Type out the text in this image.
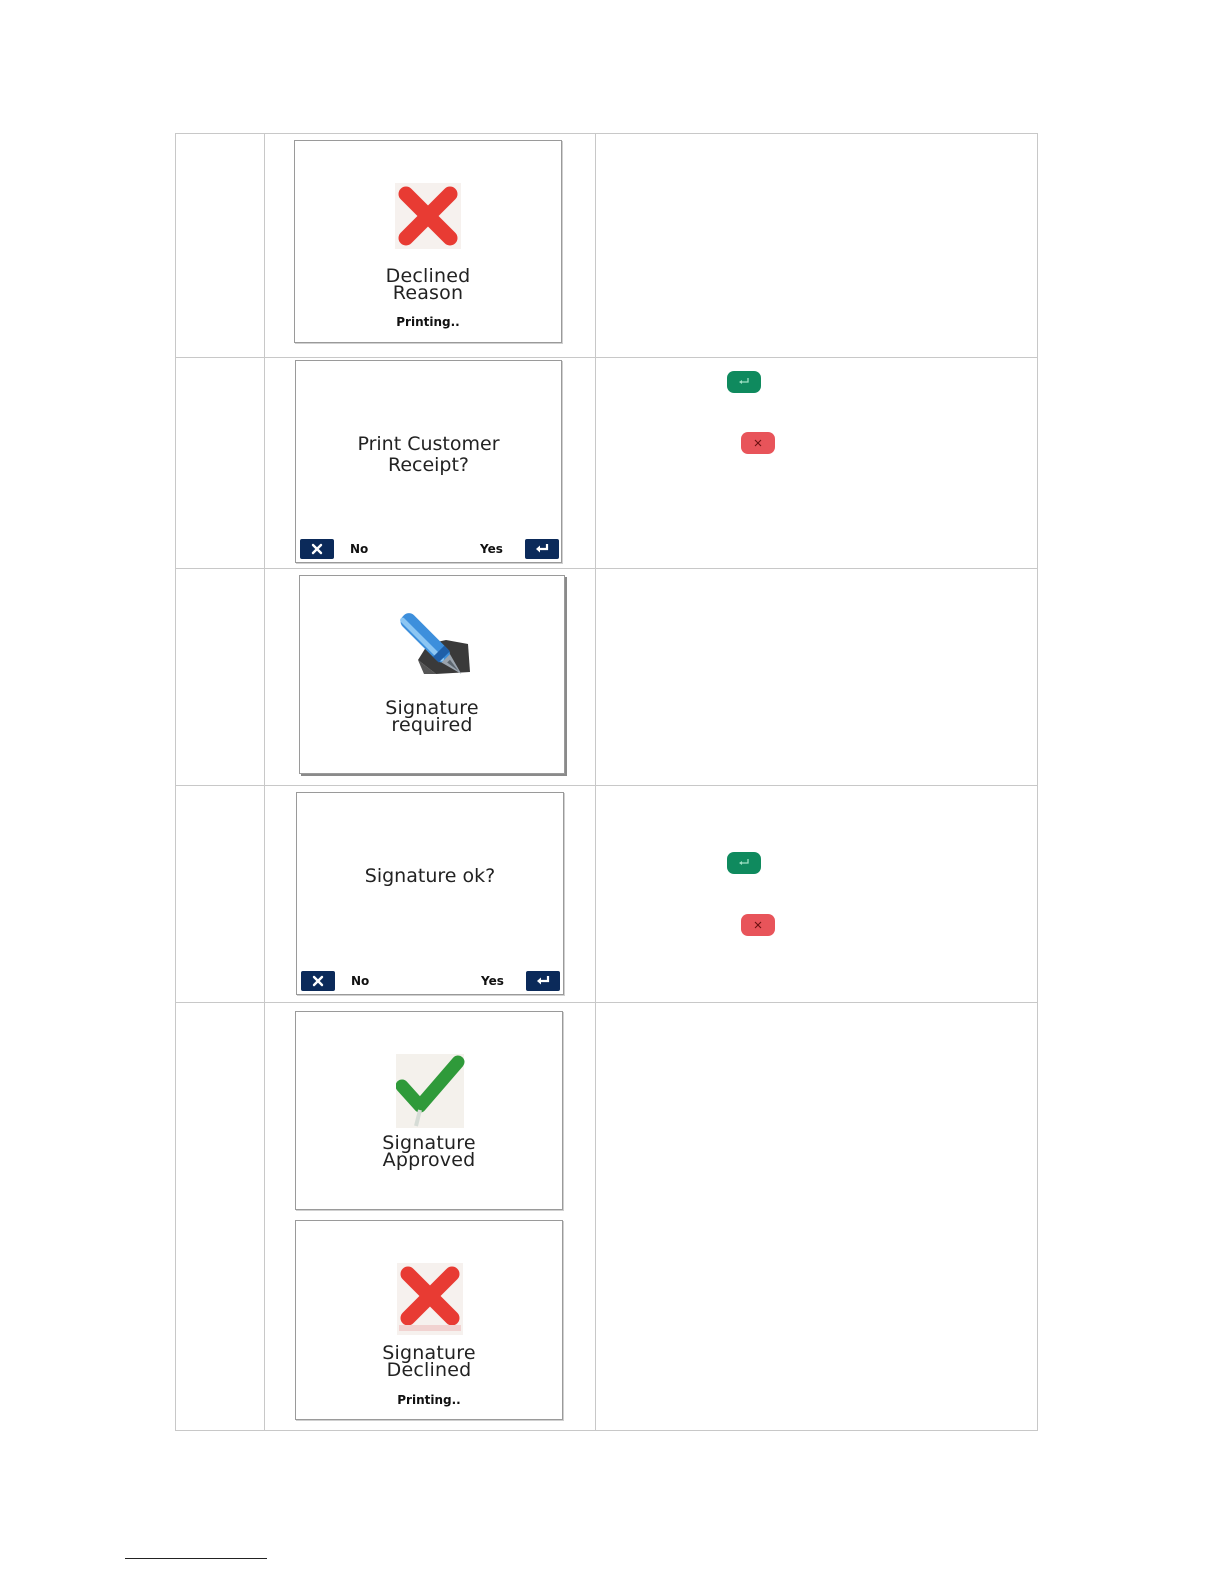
Declined
Reason
Printing..
Print Customer
Receipt?
No	Yes
Signature
required
Signature ok?
No	Yes
Signature
Approved
Signature
Declined
Printing..
